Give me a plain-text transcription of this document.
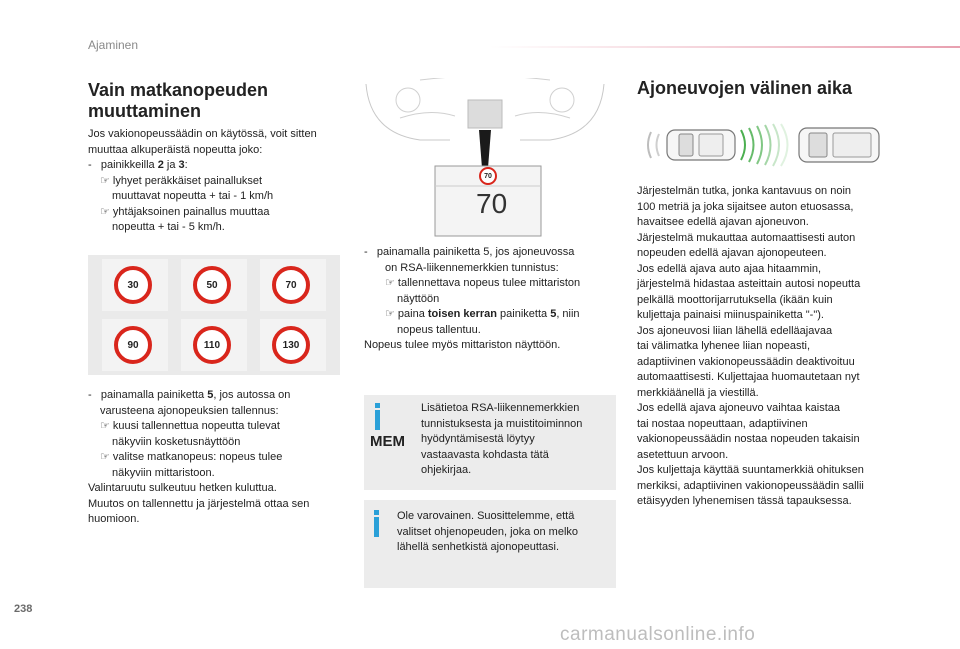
Ajaminen
Vain matkanopeuden
muuttaminen

Jos vakionopeussäädin on käytössä, voit sitten

muuttaa alkuperäistä nopeutta joko:

-   painikkeilla 2 ja 3:

☞ lyhyet peräkkäiset painallukset

muuttavat nopeutta + tai - 1 km/h

☞ yhtäjaksoinen painallus muuttaa

nopeutta + tai - 5 km/h.

30	50	70
90	110	130

-   painamalla painiketta 5, jos autossa on

varusteena ajonopeuksien tallennus:

☞ kuusi tallennettua nopeutta tulevat

näkyviin kosketusnäyttöön

☞ valitse matkanopeus: nopeus tulee

näkyviin mittaristoon.

Valintaruutu sulkeutuu hetken kuluttua.

Muutos on tallennettu ja järjestelmä ottaa sen

huomioon.

70
70

-   painamalla painiketta 5, jos ajoneuvossa

on RSA-liikennemerkkien tunnistus:

☞ tallennettava nopeus tulee mittariston

näyttöön

☞ paina toisen kerran painiketta 5, niin

nopeus tallentuu.

Nopeus tulee myös mittariston näyttöön.

MEM
Lisätietoa RSA-liikennemerkkien
tunnistuksesta ja muistitoiminnon
hyödyntämisestä löytyy
vastaavasta kohdasta tätä
ohjekirjaa.
Ole varovainen. Suosittelemme, että
valitset ohjenopeuden, joka on melko
lähellä senhetkistä ajonopeuttasi.
Ajoneuvojen välinen aika

Järjestelmän tutka, jonka kantavuus on noin

100 metriä ja joka sijaitsee auton etuosassa,

havaitsee edellä ajavan ajoneuvon.

Järjestelmä mukauttaa automaattisesti auton

nopeuden edellä ajavan ajonopeuteen.

Jos edellä ajava auto ajaa hitaammin,

järjestelmä hidastaa asteittain autosi nopeutta

pelkällä moottorijarrutuksella (ikään kuin

kuljettaja painaisi miinuspainiketta "-").

Jos ajoneuvosi liian lähellä edelläajavaa

tai välimatka lyhenee liian nopeasti,

adaptiivinen vakionopeussäädin deaktivoituu

automaattisesti. Kuljettajaa huomautetaan nyt

merkkiäänellä ja viestillä.

Jos edellä ajava ajoneuvo vaihtaa kaistaa

tai nostaa nopeuttaan, adaptiivinen

vakionopeussäädin nostaa nopeuden takaisin

asetettuun arvoon.

Jos kuljettaja käyttää suuntamerkkiä ohituksen

merkiksi, adaptiivinen vakionopeussäädin sallii

etäisyyden lyhenemisen tässä tapauksessa.

238
carmanualsonline.info
